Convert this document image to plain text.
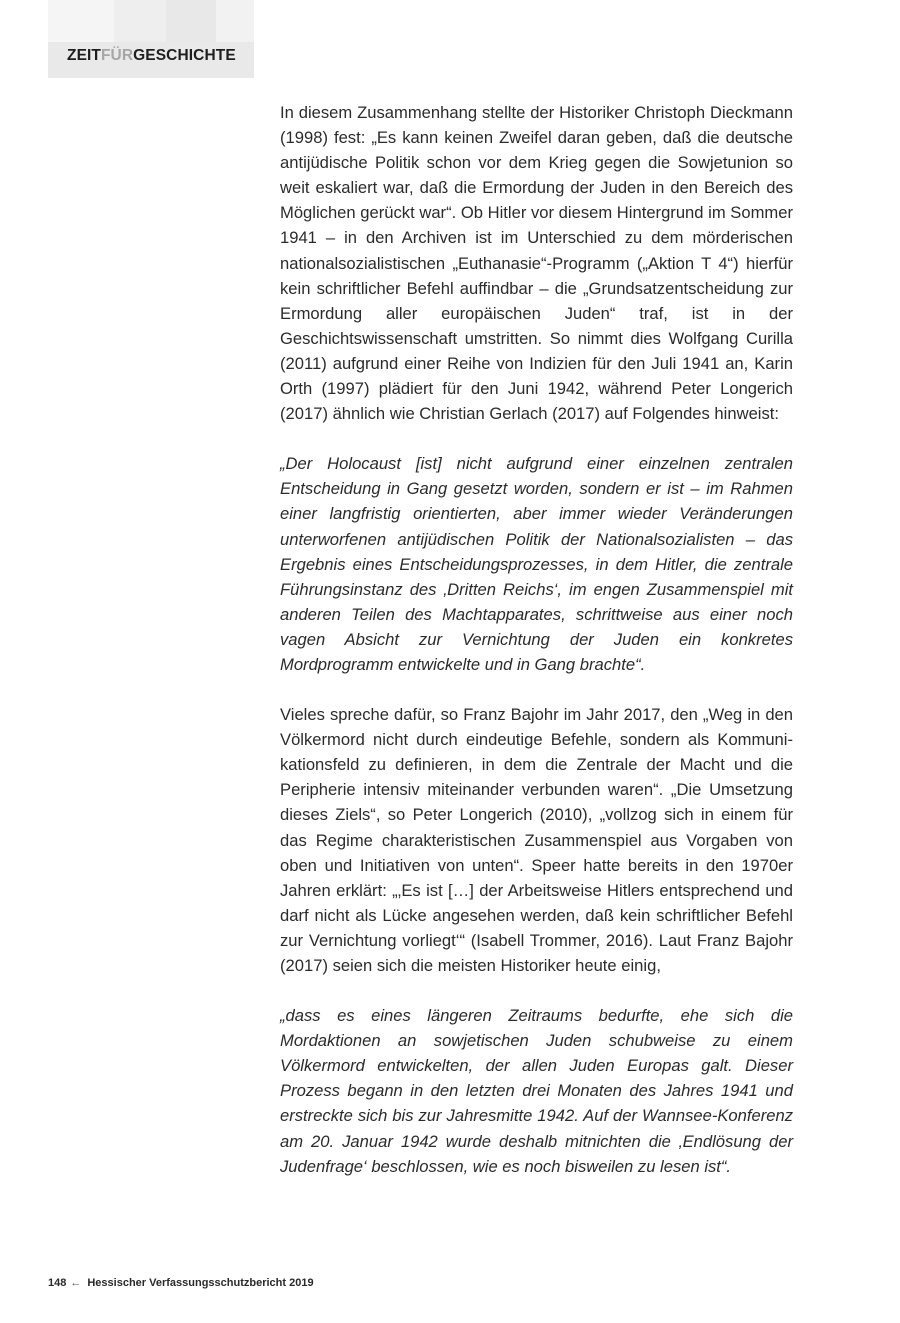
ZEITFÜRGESCHICHTE

In diesem Zusammenhang stellte der Historiker Christoph Dieckmann (1998) fest: „Es kann keinen Zweifel daran geben, daß die deutsche antijüdische Politik schon vor dem Krieg gegen die Sowjetunion so weit eskaliert war, daß die Ermordung der Juden in den Bereich des Möglichen gerückt war“. Ob Hitler vor diesem Hintergrund im Sommer 1941 – in den Archiven ist im Unterschied zu dem mörderischen nationalsozialistischen „Euthanasie“-Programm („Aktion T 4“) hierfür kein schriftlicher Befehl auffindbar – die „Grundsatzentscheidung zur Ermordung aller europäischen Juden“ traf, ist in der Geschichtswissenschaft umstritten. So nimmt dies Wolfgang Curilla (2011) aufgrund einer Reihe von Indizien für den Juli 1941 an, Karin Orth (1997) plädiert für den Juni 1942, während Peter Longerich (2017) ähnlich wie Christian Gerlach (2017) auf Folgendes hinweist:

„Der Holocaust [ist] nicht aufgrund einer einzelnen zentralen Entscheidung in Gang gesetzt worden, sondern er ist – im Rahmen einer langfristig orientierten, aber immer wieder Veränderungen unterworfenen antijüdischen Politik der Nationalsozialisten – das Ergebnis eines Entscheidungsprozesses, in dem Hitler, die zentrale Führungsinstanz des ‚Dritten Reichs‘, im engen Zusammenspiel mit anderen Teilen des Machtapparates, schrittweise aus einer noch vagen Absicht zur Vernichtung der Juden ein konkretes Mordprogramm entwickelte und in Gang brachte“.

Vieles spreche dafür, so Franz Bajohr im Jahr 2017, den „Weg in den Völkermord nicht durch eindeutige Befehle, sondern als Kommunikationsfeld zu definieren, in dem die Zentrale der Macht und die Peripherie intensiv miteinander verbunden waren“. „Die Umsetzung dieses Ziels“, so Peter Longerich (2010), „vollzog sich in einem für das Regime charakteristischen Zusammenspiel aus Vorgaben von oben und Initiativen von unten“. Speer hatte bereits in den 1970er Jahren erklärt: „‚Es ist […] der Arbeitsweise Hitlers entsprechend und darf nicht als Lücke angesehen werden, daß kein schriftlicher Befehl zur Vernichtung vorliegt‘“ (Isabell Trommer, 2016). Laut Franz Bajohr (2017) seien sich die meisten Historiker heute einig,

„dass es eines längeren Zeitraums bedurfte, ehe sich die Mordaktionen an sowjetischen Juden schubweise zu einem Völkermord entwickelten, der allen Juden Europas galt. Dieser Prozess begann in den letzten drei Monaten des Jahres 1941 und erstreckte sich bis zur Jahresmitte 1942. Auf der Wannsee-Konferenz am 20. Januar 1942 wurde deshalb mitnichten die ‚Endlösung der Judenfrage‘ beschlossen, wie es noch bisweilen zu lesen ist“.

148 ← Hessischer Verfassungsschutzbericht 2019
